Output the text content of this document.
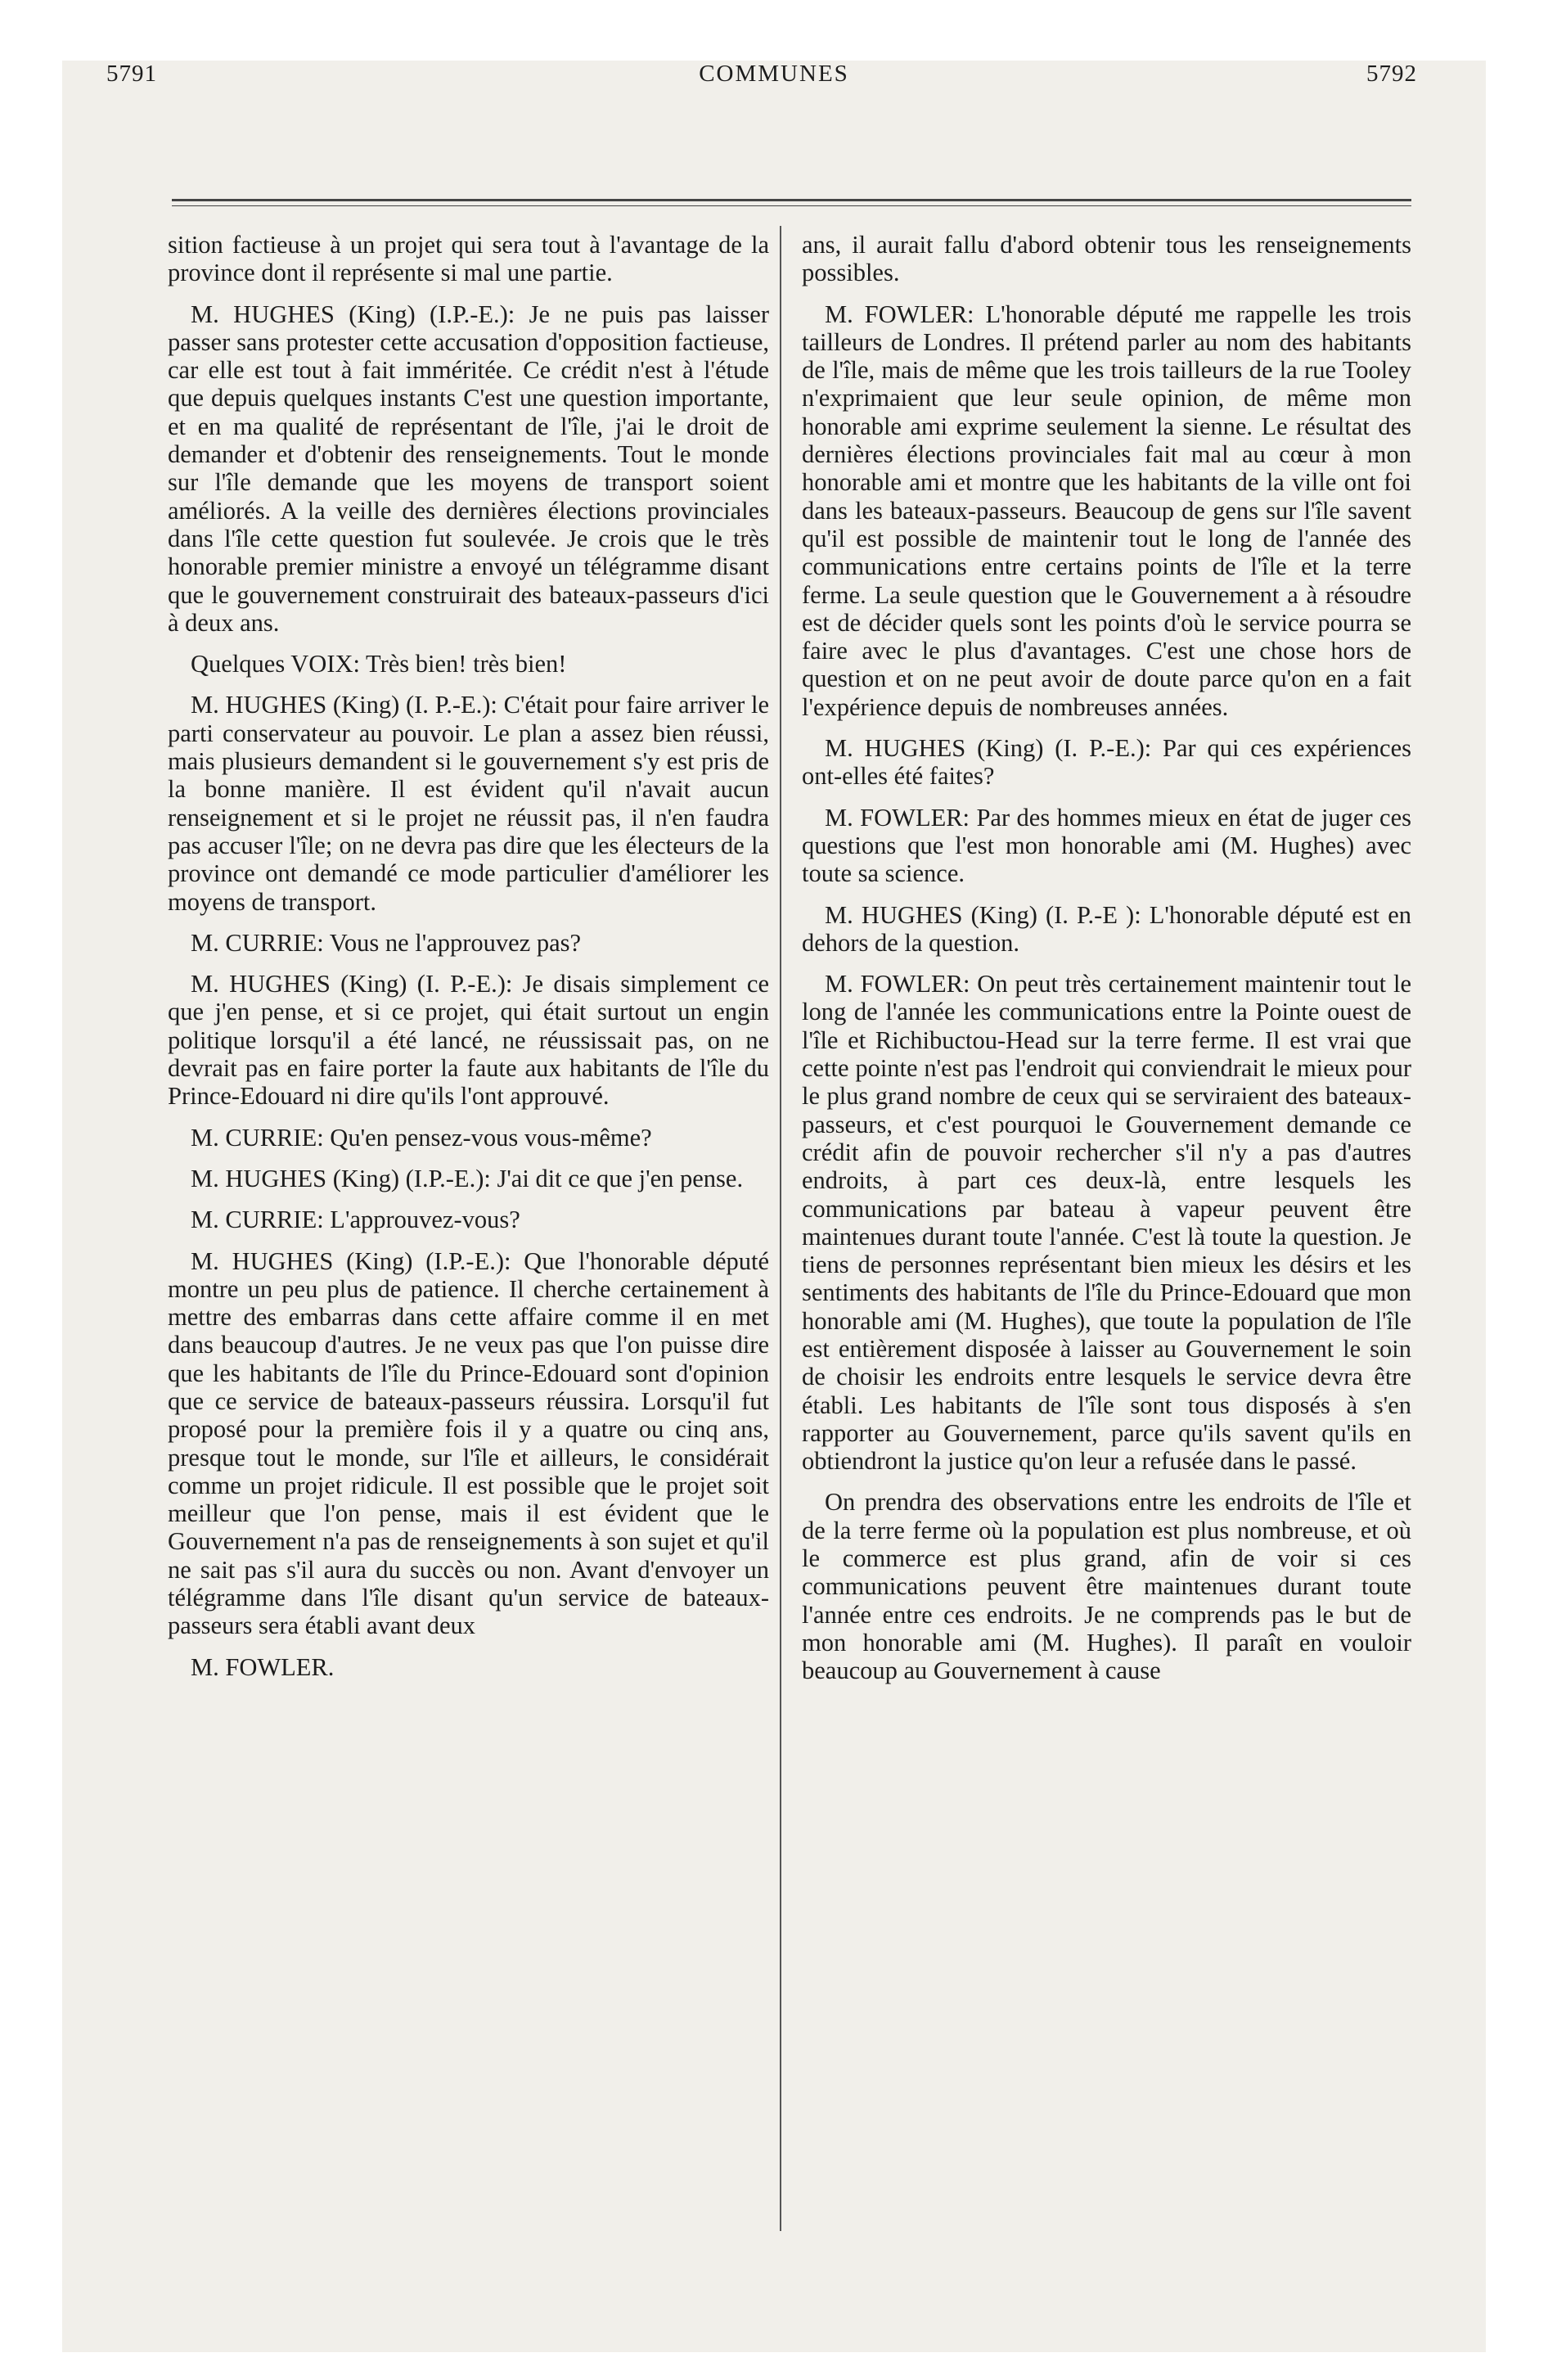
5791	COMMUNES	5792

sition factieuse à un projet qui sera tout à l'avantage de la province dont il représente si mal une partie.

M. HUGHES (King) (I.P.-E.): Je ne puis pas laisser passer sans protester cette accusation d'opposition factieuse, car elle est tout à fait imméritée. Ce crédit n'est à l'étude que depuis quelques instants C'est une question importante, et en ma qualité de représentant de l'île, j'ai le droit de demander et d'obtenir des renseignements. Tout le monde sur l'île demande que les moyens de transport soient améliorés. A la veille des dernières élections provinciales dans l'île cette question fut soulevée. Je crois que le très honorable premier ministre a envoyé un télégramme disant que le gouvernement construirait des bateaux-passeurs d'ici à deux ans.

Quelques VOIX: Très bien! très bien!

M. HUGHES (King) (I. P.-E.): C'était pour faire arriver le parti conservateur au pouvoir. Le plan a assez bien réussi, mais plusieurs demandent si le gouvernement s'y est pris de la bonne manière. Il est évident qu'il n'avait aucun renseignement et si le projet ne réussit pas, il n'en faudra pas accuser l'île; on ne devra pas dire que les électeurs de la province ont demandé ce mode particulier d'améliorer les moyens de transport.

M. CURRIE: Vous ne l'approuvez pas?

M. HUGHES (King) (I. P.-E.): Je disais simplement ce que j'en pense, et si ce projet, qui était surtout un engin politique lorsqu'il a été lancé, ne réussissait pas, on ne devrait pas en faire porter la faute aux habitants de l'île du Prince-Edouard ni dire qu'ils l'ont approuvé.

M. CURRIE: Qu'en pensez-vous vous-même?

M. HUGHES (King) (I.P.-E.): J'ai dit ce que j'en pense.

M. CURRIE: L'approuvez-vous?

M. HUGHES (King) (I.P.-E.): Que l'honorable député montre un peu plus de patience. Il cherche certainement à mettre des embarras dans cette affaire comme il en met dans beaucoup d'autres. Je ne veux pas que l'on puisse dire que les habitants de l'île du Prince-Edouard sont d'opinion que ce service de bateaux-passeurs réussira. Lorsqu'il fut proposé pour la première fois il y a quatre ou cinq ans, presque tout le monde, sur l'île et ailleurs, le considérait comme un projet ridicule. Il est possible que le projet soit meilleur que l'on pense, mais il est évident que le Gouvernement n'a pas de renseignements à son sujet et qu'il ne sait pas s'il aura du succès ou non. Avant d'envoyer un télégramme dans l'île disant qu'un service de bateaux-passeurs sera établi avant deux

M. FOWLER.

ans, il aurait fallu d'abord obtenir tous les renseignements possibles.

M. FOWLER: L'honorable député me rappelle les trois tailleurs de Londres. Il prétend parler au nom des habitants de l'île, mais de même que les trois tailleurs de la rue Tooley n'exprimaient que leur seule opinion, de même mon honorable ami exprime seulement la sienne. Le résultat des dernières élections provinciales fait mal au cœur à mon honorable ami et montre que les habitants de la ville ont foi dans les bateaux-passeurs. Beaucoup de gens sur l'île savent qu'il est possible de maintenir tout le long de l'année des communications entre certains points de l'île et la terre ferme. La seule question que le Gouvernement a à résoudre est de décider quels sont les points d'où le service pourra se faire avec le plus d'avantages. C'est une chose hors de question et on ne peut avoir de doute parce qu'on en a fait l'expérience depuis de nombreuses années.

M. HUGHES (King) (I. P.-E.): Par qui ces expériences ont-elles été faites?

M. FOWLER: Par des hommes mieux en état de juger ces questions que l'est mon honorable ami (M. Hughes) avec toute sa science.

M. HUGHES (King) (I. P.-E ): L'honorable député est en dehors de la question.

M. FOWLER: On peut très certainement maintenir tout le long de l'année les communications entre la Pointe ouest de l'île et Richibuctou-Head sur la terre ferme. Il est vrai que cette pointe n'est pas l'endroit qui conviendrait le mieux pour le plus grand nombre de ceux qui se serviraient des bateaux-passeurs, et c'est pourquoi le Gouvernement demande ce crédit afin de pouvoir rechercher s'il n'y a pas d'autres endroits, à part ces deux-là, entre lesquels les communications par bateau à vapeur peuvent être maintenues durant toute l'année. C'est là toute la question. Je tiens de personnes représentant bien mieux les désirs et les sentiments des habitants de l'île du Prince-Edouard que mon honorable ami (M. Hughes), que toute la population de l'île est entièrement disposée à laisser au Gouvernement le soin de choisir les endroits entre lesquels le service devra être établi. Les habitants de l'île sont tous disposés à s'en rapporter au Gouvernement, parce qu'ils savent qu'ils en obtiendront la justice qu'on leur a refusée dans le passé.

On prendra des observations entre les endroits de l'île et de la terre ferme où la population est plus nombreuse, et où le commerce est plus grand, afin de voir si ces communications peuvent être maintenues durant toute l'année entre ces endroits. Je ne comprends pas le but de mon honorable ami (M. Hughes). Il paraît en vouloir beaucoup au Gouvernement à cause
